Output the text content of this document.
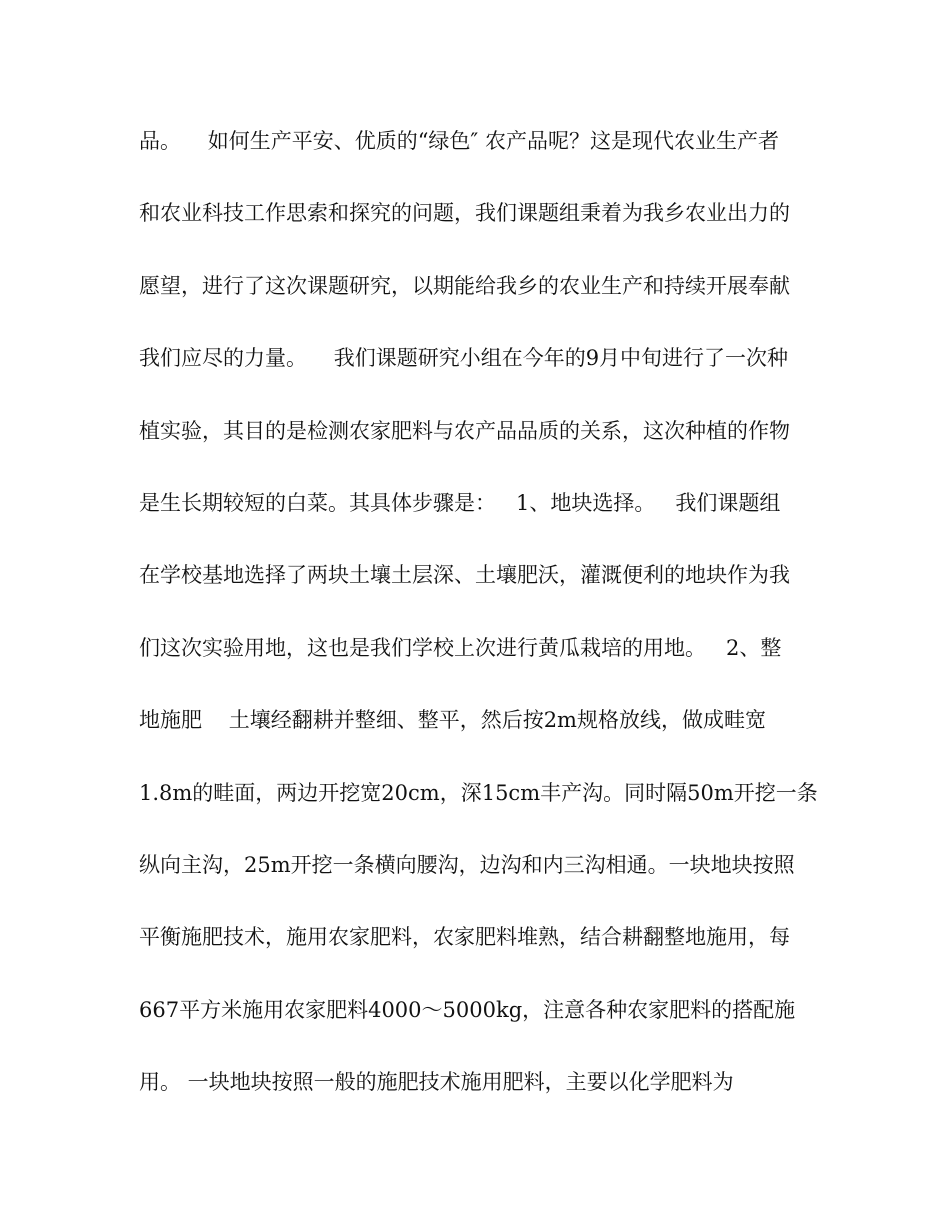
品。    如何生产平安、优质的“绿色″ 农产品呢？这是现代农业生产者
和农业科技工作思索和探究的问题，我们课题组秉着为我乡农业出力的
愿望，进行了这次课题研究，以期能给我乡的农业生产和持续开展奉献
我们应尽的力量。    我们课题研究小组在今年的9月中旬进行了一次种
植实验，其目的是检测农家肥料与农产品品质的关系，这次种植的作物
是生长期较短的白菜。其具体步骤是：   1、地块选择。   我们课题组
在学校基地选择了两块土壤土层深、土壤肥沃，灌溉便利的地块作为我
们这次实验用地，这也是我们学校上次进行黄瓜栽培的用地。   2、整
地施肥    土壤经翻耕并整细、整平，然后按2m规格放线，做成畦宽
1.8m的畦面，两边开挖宽20cm，深15cm丰产沟。同时隔50m开挖一条
纵向主沟，25m开挖一条横向腰沟，边沟和内三沟相通。一块地块按照
平衡施肥技术，施用农家肥料，农家肥料堆熟，结合耕翻整地施用，每
667平方米施用农家肥料4000～5000kg，注意各种农家肥料的搭配施
用。 一块地块按照一般的施肥技术施用肥料，主要以化学肥料为
